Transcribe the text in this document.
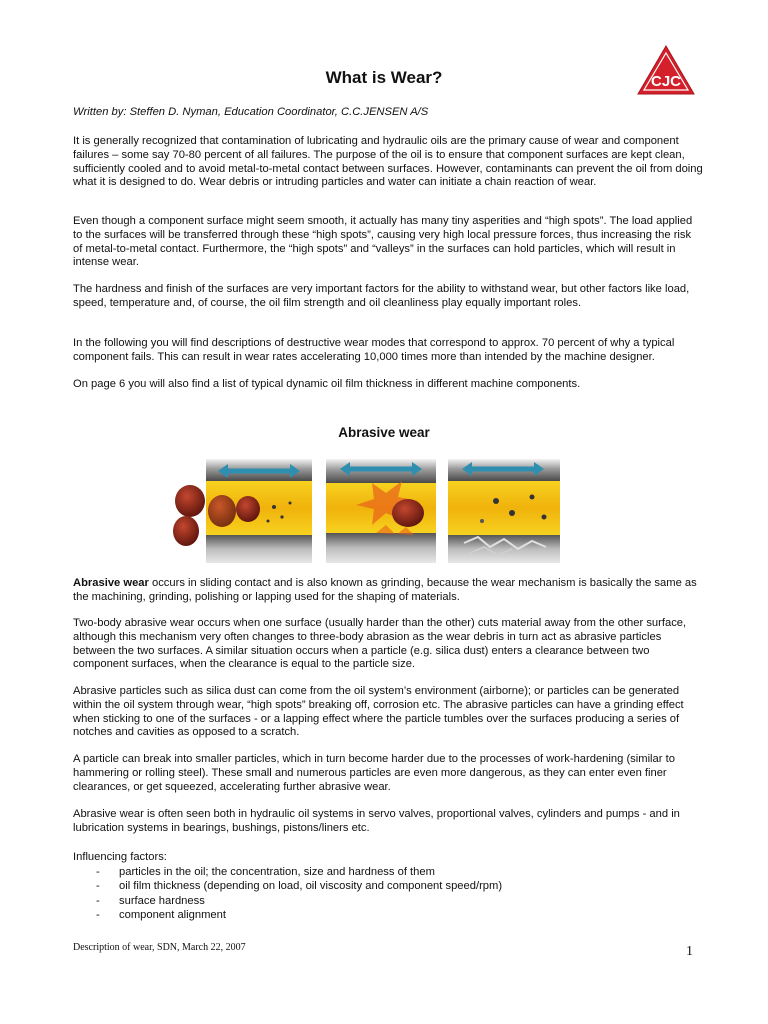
CJC
What is Wear?
Written by: Steffen D. Nyman, Education Coordinator, C.C.JENSEN A/S

It is generally recognized that contamination of lubricating and hydraulic oils are the primary cause of wear and component failures – some say 70-80 percent of all failures. The purpose of the oil is to ensure that component surfaces are kept clean, sufficiently cooled and to avoid metal-to-metal contact between surfaces. However, contaminants can prevent the oil from doing what it is designed to do. Wear debris or intruding particles and water can initiate a chain reaction of wear.

Even though a component surface might seem smooth, it actually has many tiny asperities and “high spots”. The load applied to the surfaces will be transferred through these “high spots”, causing very high local pressure forces, thus increasing the risk of metal-to-metal contact. Furthermore, the “high spots” and “valleys” in the surfaces can hold particles, which will result in intense wear.

The hardness and finish of the surfaces are very important factors for the ability to withstand wear, but other factors like load, speed, temperature and, of course, the oil film strength and oil cleanliness play equally important roles.

In the following you will find descriptions of destructive wear modes that correspond to approx. 70 percent of why a typical component fails. This can result in wear rates accelerating 10,000 times more than intended by the machine designer.

On page 6 you will also find a list of typical dynamic oil film thickness in different machine components.

Abrasive wear

Abrasive wear occurs in sliding contact and is also known as grinding, because the wear mechanism is basically the same as the machining, grinding, polishing or lapping used for the shaping of materials.

Two-body abrasive wear occurs when one surface (usually harder than the other) cuts material away from the other surface, although this mechanism very often changes to three-body abrasion as the wear debris in turn act as abrasive particles between the two surfaces. A similar situation occurs when a particle (e.g. silica dust) enters a clearance between two component surfaces, when the clearance is equal to the particle size.

Abrasive particles such as silica dust can come from the oil system’s environment (airborne); or particles can be generated within the oil system through wear, “high spots” breaking off, corrosion etc. The abrasive particles can have a grinding effect when sticking to one of the surfaces - or a lapping effect where the particle tumbles over the surfaces producing a series of notches and cavities as opposed to a scratch.

A particle can break into smaller particles, which in turn become harder due to the processes of work-hardening (similar to hammering or rolling steel). These small and numerous particles are even more dangerous, as they can enter even finer clearances, or get squeezed, accelerating further abrasive wear.

Abrasive wear is often seen both in hydraulic oil systems in servo valves, proportional valves, cylinders and pumps - and in lubrication systems in bearings, bushings, pistons/liners etc.

Influencing factors:
- particles in the oil; the concentration, size and hardness of them
- oil film thickness (depending on load, oil viscosity and component speed/rpm)
- surface hardness
- component alignment
Description of wear, SDN, March 22, 2007	1
